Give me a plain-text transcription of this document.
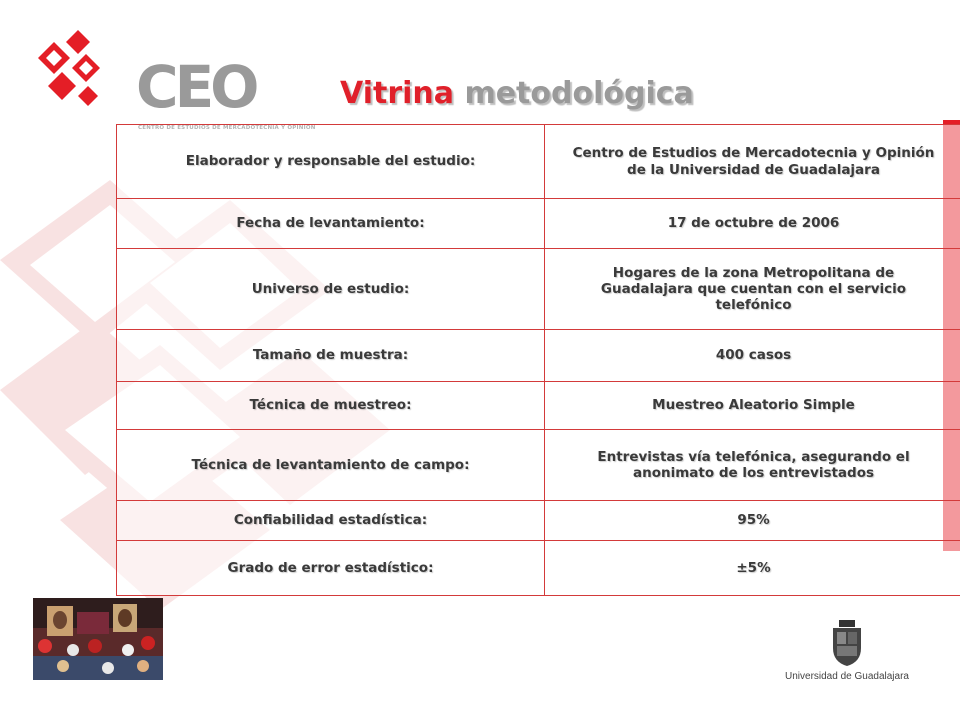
CEO	Vitrina metodológica
Elaborador y responsable del estudio:	Centro de Estudios de Mercadotecnia y Opinión de la Universidad de Guadalajara
Fecha de levantamiento:	17 de octubre de 2006
Universo de estudio:	Hogares de la zona Metropolitana de Guadalajara que cuentan con el servicio telefónico
Tamaño de muestra:	400 casos
Técnica de muestreo:	Muestreo Aleatorio Simple
Técnica de levantamiento de campo:	Entrevistas vía telefónica, asegurando el anonimato de los entrevistados
Confiabilidad estadística:	95%
Grado de error estadístico:	±5%
Universidad de Guadalajara
